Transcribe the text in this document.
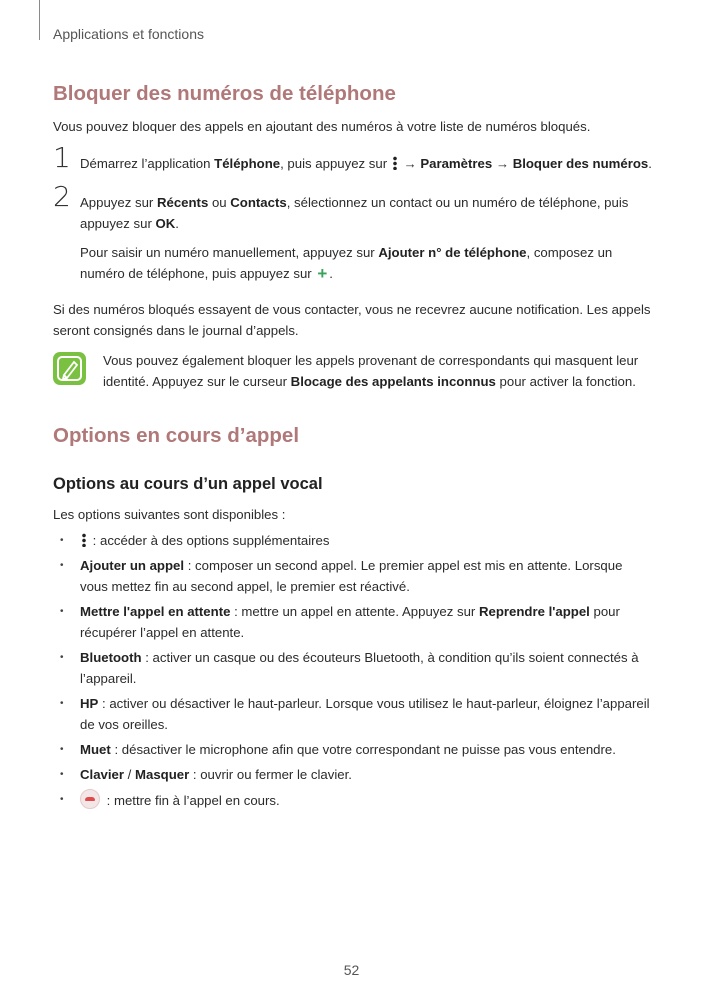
Applications et fonctions
Bloquer des numéros de téléphone
Vous pouvez bloquer des appels en ajoutant des numéros à votre liste de numéros bloqués.
1 Démarrez l’application Téléphone, puis appuyez sur  → Paramètres → Bloquer des numéros.

2 Appuyez sur Récents ou Contacts, sélectionnez un contact ou un numéro de téléphone, puis appuyez sur OK.

Pour saisir un numéro manuellement, appuyez sur Ajouter n° de téléphone, composez un numéro de téléphone, puis appuyez sur + .

Si des numéros bloqués essayent de vous contacter, vous ne recevrez aucune notification. Les appels seront consignés dans le journal d’appels.
Vous pouvez également bloquer les appels provenant de correspondants qui masquent leur identité. Appuyez sur le curseur Blocage des appelants inconnus pour activer la fonction.
Options en cours d’appel
Options au cours d’un appel vocal
Les options suivantes sont disponibles :
• : accéder à des options supplémentaires
• Ajouter un appel : composer un second appel. Le premier appel est mis en attente. Lorsque vous mettez fin au second appel, le premier est réactivé.
• Mettre l'appel en attente : mettre un appel en attente. Appuyez sur Reprendre l'appel pour récupérer l’appel en attente.
• Bluetooth : activer un casque ou des écouteurs Bluetooth, à condition qu’ils soient connectés à l’appareil.
• HP : activer ou désactiver le haut-parleur. Lorsque vous utilisez le haut-parleur, éloignez l’appareil de vos oreilles.
• Muet : désactiver le microphone afin que votre correspondant ne puisse pas vous entendre.
• Clavier / Masquer : ouvrir ou fermer le clavier.
• : mettre fin à l’appel en cours.
52
